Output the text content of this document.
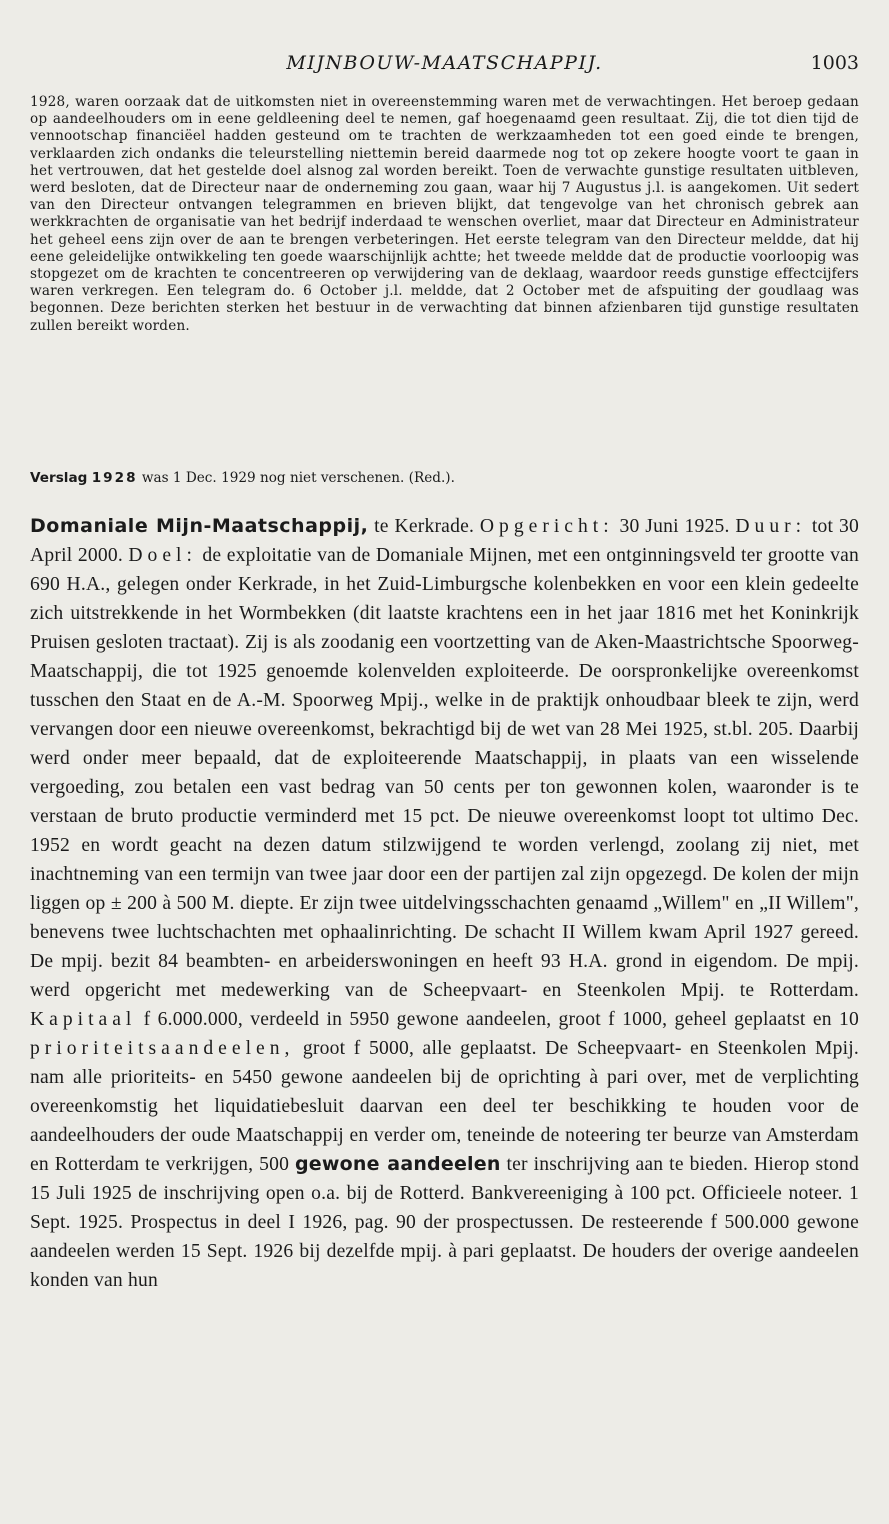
MIJNBOUW-MAATSCHAPPIJ.	1003

1928, waren oorzaak dat de uitkomsten niet in overeenstemming waren met de verwachtingen. Het beroep gedaan op aandeelhouders om in eene geldleening deel te nemen, gaf hoegenaamd geen resultaat. Zij, die tot dien tijd de vennootschap financiëel hadden gesteund om te trachten de werkzaamheden tot een goed einde te brengen, verklaarden zich ondanks die teleurstelling niettemin bereid daarmede nog tot op zekere hoogte voort te gaan in het vertrouwen, dat het gestelde doel alsnog zal worden bereikt. Toen de verwachte gunstige resultaten uitbleven, werd besloten, dat de Directeur naar de onderneming zou gaan, waar hij 7 Augustus j.l. is aangekomen. Uit sedert van den Directeur ontvangen telegrammen en brieven blijkt, dat tengevolge van het chronisch gebrek aan werkkrachten de organisatie van het bedrijf inderdaad te wenschen overliet, maar dat Directeur en Administrateur het geheel eens zijn over de aan te brengen verbeteringen. Het eerste telegram van den Directeur meldde, dat hij eene geleidelijke ontwikkeling ten goede waarschijnlijk achtte; het tweede meldde dat de productie voorloopig was stopgezet om de krachten te concentreeren op verwijdering van de deklaag, waardoor reeds gunstige effectcijfers waren verkregen. Een telegram do. 6 October j.l. meldde, dat 2 October met de afspuiting der goudlaag was begonnen. Deze berichten sterken het bestuur in de verwachting dat binnen afzienbaren tijd gunstige resultaten zullen bereikt worden.

Verslag 1928 was 1 Dec. 1929 nog niet verschenen. (Red.).

Domaniale Mijn-Maatschappij, te Kerkrade. Opgericht: 30 Juni 1925. Duur: tot 30 April 2000. Doel: de exploitatie van de Domaniale Mijnen, met een ontginningsveld ter grootte van 690 H.A., gelegen onder Kerkrade, in het Zuid-Limburgsche kolenbekken en voor een klein gedeelte zich uitstrekkende in het Wormbekken (dit laatste krachtens een in het jaar 1816 met het Koninkrijk Pruisen gesloten tractaat). Zij is als zoodanig een voortzetting van de Aken-Maastrichtsche Spoorweg-Maatschappij, die tot 1925 genoemde kolenvelden exploiteerde. De oorspronkelijke overeenkomst tusschen den Staat en de A.-M. Spoorweg Mpij., welke in de praktijk onhoudbaar bleek te zijn, werd vervangen door een nieuwe overeenkomst, bekrachtigd bij de wet van 28 Mei 1925, st.bl. 205. Daarbij werd onder meer bepaald, dat de exploiteerende Maatschappij, in plaats van een wisselende vergoeding, zou betalen een vast bedrag van 50 cents per ton gewonnen kolen, waaronder is te verstaan de bruto productie verminderd met 15 pct. De nieuwe overeenkomst loopt tot ultimo Dec. 1952 en wordt geacht na dezen datum stilzwijgend te worden verlengd, zoolang zij niet, met inachtneming van een termijn van twee jaar door een der partijen zal zijn opgezegd. De kolen der mijn liggen op ± 200 à 500 M. diepte. Er zijn twee uitdelvingsschachten genaamd „Willem" en „II Willem", benevens twee luchtschachten met ophaalinrichting. De schacht II Willem kwam April 1927 gereed. De mpij. bezit 84 beambten- en arbeiderswoningen en heeft 93 H.A. grond in eigendom. De mpij. werd opgericht met medewerking van de Scheepvaart- en Steenkolen Mpij. te Rotterdam. Kapitaal f 6.000.000, verdeeld in 5950 gewone aandeelen, groot f 1000, geheel geplaatst en 10 prioriteitsaandeelen, groot f 5000, alle geplaatst. De Scheepvaart- en Steenkolen Mpij. nam alle prioriteits- en 5450 gewone aandeelen bij de oprichting à pari over, met de verplichting overeenkomstig het liquidatiebesluit daarvan een deel ter beschikking te houden voor de aandeelhouders der oude Maatschappij en verder om, teneinde de noteering ter beurze van Amsterdam en Rotterdam te verkrijgen, 500 gewone aandeelen ter inschrijving aan te bieden. Hierop stond 15 Juli 1925 de inschrijving open o.a. bij de Rotterd. Bankvereeniging à 100 pct. Officieele noteer. 1 Sept. 1925. Prospectus in deel I 1926, pag. 90 der prospectussen. De resteerende f 500.000 gewone aandeelen werden 15 Sept. 1926 bij dezelfde mpij. à pari geplaatst. De houders der overige aandeelen konden van hun
